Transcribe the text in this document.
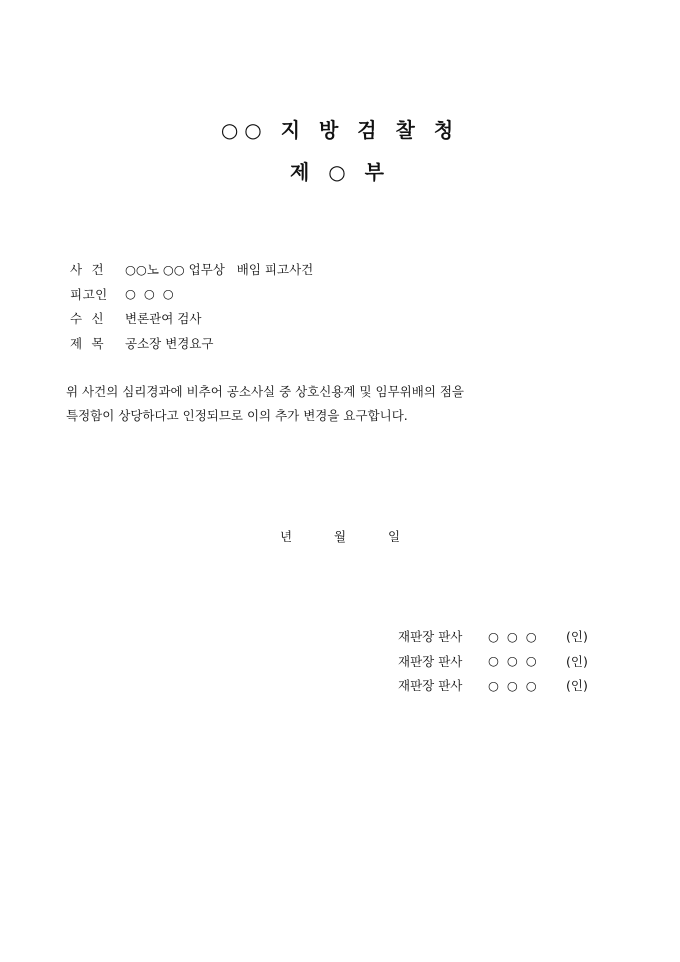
○○ 지 방 검 찰 청
제 ○ 부
사  건	○○노 ○○ 업무상   배임 피고사건
피고인	○  ○  ○
수  신	변론관여 검사
제  목	공소장 변경요구
위 사건의 심리경과에 비추어 공소사실 중 상호신용계 및 임무위배의 점을
특정함이 상당하다고 인정되므로 이의 추가 변경을 요구합니다.
년	월	일
재판장 판사	○  ○  ○	(인)
재판장 판사	○  ○  ○	(인)
재판장 판사	○  ○  ○	(인)
